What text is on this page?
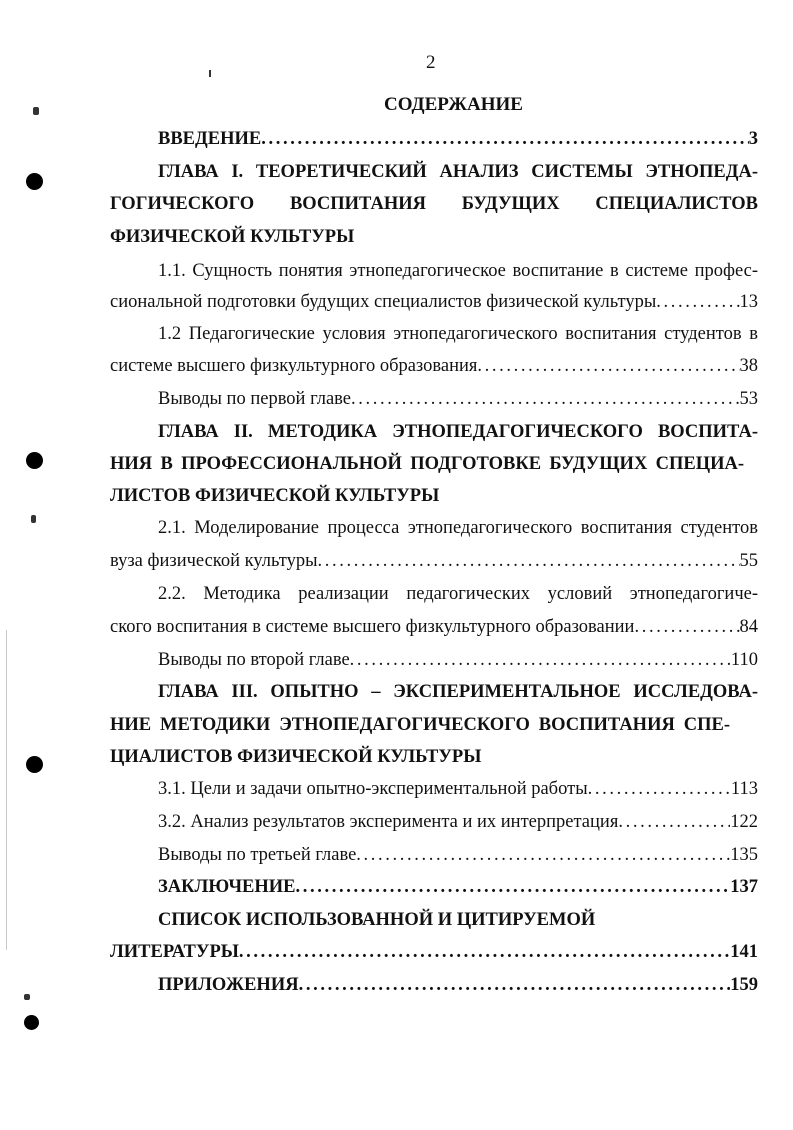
2
СОДЕРЖАНИЕ
ВВЕДЕНИЕ . . .	3
ГЛАВА I. ТЕОРЕТИЧЕСКИЙ АНАЛИЗ СИСТЕМЫ ЭТНОПЕДА-
ГОГИЧЕСКОГО ВОСПИТАНИЯ БУДУЩИХ СПЕЦИАЛИСТОВ
ФИЗИЧЕСКОЙ КУЛЬТУРЫ
1.1. Сущность понятия этнопедагогическое воспитание в системе профес-
сиональной подготовки будущих специалистов физической культуры . . .	13
1.2 Педагогические условия этнопедагогического воспитания студентов в
системе высшего физкультурного образования . . .	38
Выводы по первой главе . . .	53
ГЛАВА II. МЕТОДИКА ЭТНОПЕДАГОГИЧЕСКОГО ВОСПИТА-
НИЯ В ПРОФЕССИОНАЛЬНОЙ ПОДГОТОВКЕ БУДУЩИХ СПЕЦИА-
ЛИСТОВ ФИЗИЧЕСКОЙ КУЛЬТУРЫ
2.1. Моделирование процесса этнопедагогического воспитания студентов
вуза физической культуры . . .	55
2.2. Методика реализации педагогических условий этнопедагогиче-
ского воспитания в системе высшего физкультурного образовании . . .	84
Выводы по второй главе . . .	110
ГЛАВА III. ОПЫТНО – ЭКСПЕРИМЕНТАЛЬНОЕ ИССЛЕДОВА-
НИЕ МЕТОДИКИ ЭТНОПЕДАГОГИЧЕСКОГО ВОСПИТАНИЯ СПЕ-
ЦИАЛИСТОВ ФИЗИЧЕСКОЙ КУЛЬТУРЫ
3.1. Цели и задачи опытно-экспериментальной работы . . .	113
3.2. Анализ результатов эксперимента и их интерпретация . . .	122
Выводы по третьей главе . . .	135
ЗАКЛЮЧЕНИЕ . . .	137
СПИСОК ИСПОЛЬЗОВАННОЙ И ЦИТИРУЕМОЙ
ЛИТЕРАТУРЫ . . .	141
ПРИЛОЖЕНИЯ . . .	159
